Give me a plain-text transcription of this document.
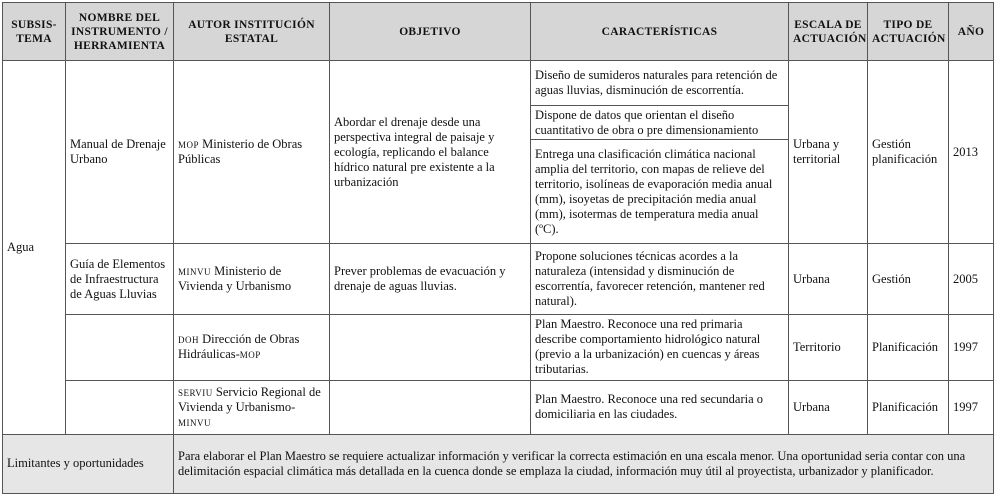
SUBSIS-TEMA	NOMBRE DEL INSTRUMENTO / HERRAMIENTA	AUTOR INSTITUCIÓN ESTATAL	OBJETIVO	CARACTERÍSTICAS	ESCALA DE ACTUACIÓN	TIPO DE ACTUACIÓN	AÑO
Agua	Manual de Drenaje Urbano	mop Ministerio de Obras Públicas	Abordar el drenaje desde una perspectiva integral de paisaje y ecología, replicando el balance hídrico natural pre existente a la urbanización	Diseño de sumideros naturales para retención de aguas lluvias, disminución de escorrentía.	Urbana y territorial	Gestión planificación	2013
				Dispone de datos que orientan el diseño cuantitativo de obra o pre dimensionamiento			
				Entrega una clasificación climática nacional amplia del territorio, con mapas de relieve del territorio, isolíneas de evaporación media anual (mm), isoyetas de precipitación media anual (mm), isotermas de temperatura media anual (ºC).			
	Guía de Elementos de Infraestructura de Aguas Lluvias	minvu Ministerio de Vivienda y Urbanismo	Prever problemas de evacuación y drenaje de aguas lluvias.	Propone soluciones técnicas acordes a la naturaleza (intensidad y disminución de escorrentía, favorecer retención, mantener red natural).	Urbana	Gestión	2005
		doh Dirección de Obras Hidráulicas-mop		Plan Maestro. Reconoce una red primaria describe comportamiento hidrológico natural (previo a la urbanización) en cuencas y áreas tributarias.	Territorio	Planificación	1997
		serviu Servicio Regional de Vivienda y Urbanismo-minvu		Plan Maestro. Reconoce una red secundaria o domiciliaria en las ciudades.	Urbana	Planificación	1997
Limitantes y oportunidades		Para elaborar el Plan Maestro se requiere actualizar información y verificar la correcta estimación en una escala menor. Una oportunidad seria contar con una delimitación espacial climática más detallada en la cuenca donde se emplaza la ciudad, información muy útil al proyectista, urbanizador y planificador.					
